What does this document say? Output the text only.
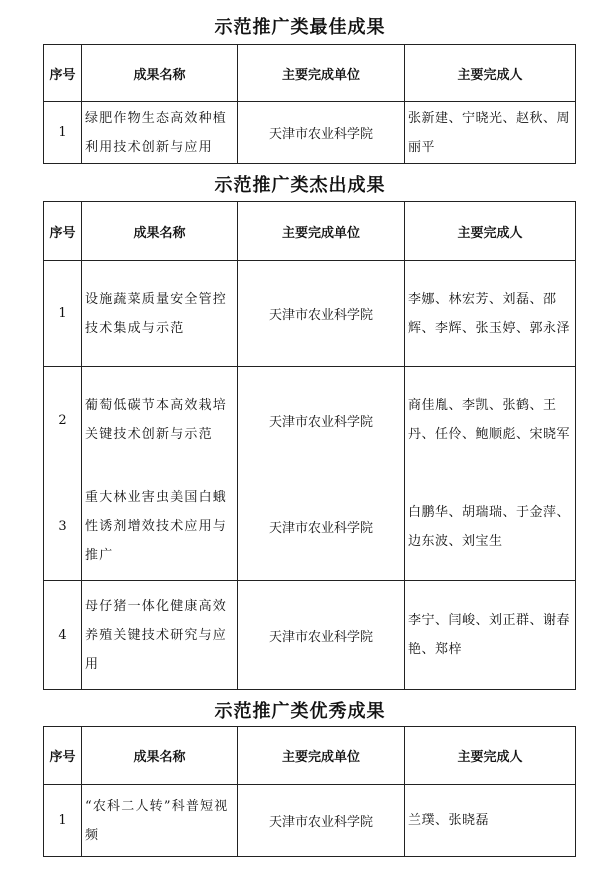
示范推广类最佳成果
序号	成果名称	主要完成单位	主要完成人
1	绿肥作物生态高效种植利用技术创新与应用	天津市农业科学院	张新建、宁晓光、赵秋、周丽平
示范推广类杰出成果
序号	成果名称	主要完成单位	主要完成人
1	设施蔬菜质量安全管控技术集成与示范	天津市农业科学院	李娜、林宏芳、刘磊、邵辉、李辉、张玉婷、郭永泽
2	葡萄低碳节本高效栽培关键技术创新与示范	天津市农业科学院	商佳胤、李凯、张鹤、王丹、任伶、鲍顺彪、宋晓军
3	重大林业害虫美国白蛾性诱剂增效技术应用与推广	天津市农业科学院	白鹏华、胡瑞瑞、于金萍、边东波、刘宝生
4	母仔猪一体化健康高效养殖关键技术研究与应用	天津市农业科学院	李宁、闫峻、刘正群、谢春艳、郑梓
示范推广类优秀成果
序号	成果名称	主要完成单位	主要完成人
1	“农科二人转”科普短视频	天津市农业科学院	兰璞、张晓磊
